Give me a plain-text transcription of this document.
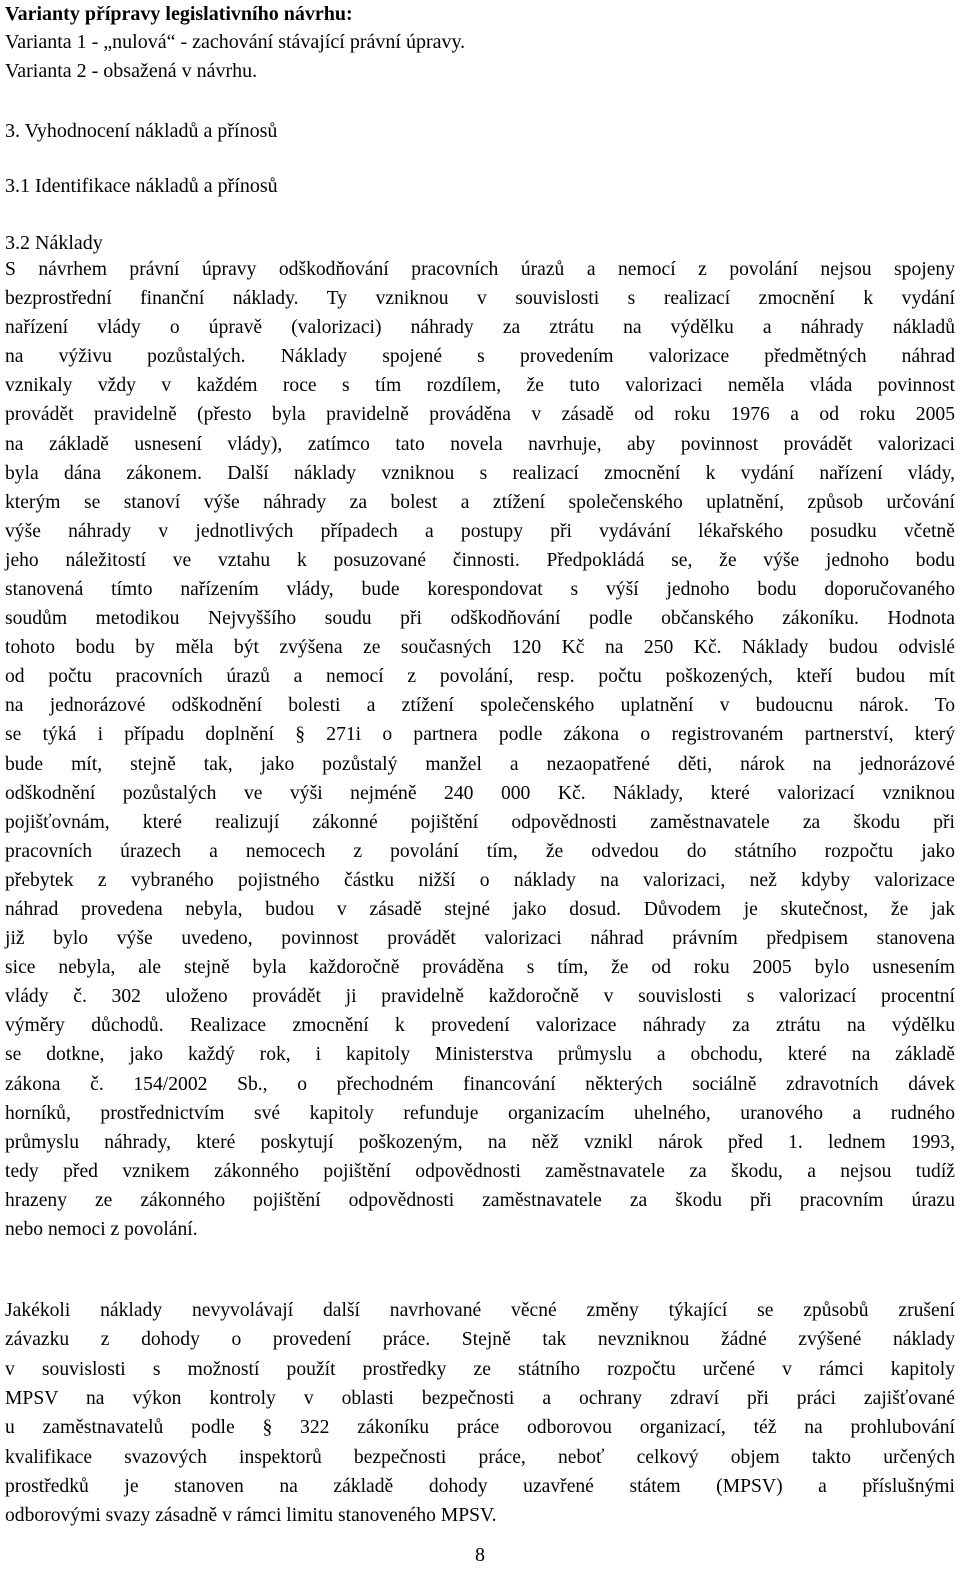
Varianty přípravy legislativního návrhu:
Varianta 1 - „nulová“ - zachování stávající právní úpravy.
Varianta 2 - obsažená v návrhu.
3. Vyhodnocení nákladů a přínosů
3.1 Identifikace nákladů a přínosů
3.2 Náklady
S návrhem právní úpravy odškodňování pracovních úrazů a nemocí z povolání nejsou spojeny
bezprostřední finanční náklady. Ty vzniknou v souvislosti s realizací zmocnění k vydání
nařízení vlády o úpravě (valorizaci) náhrady za ztrátu na výdělku a náhrady nákladů
na výživu pozůstalých. Náklady spojené s provedením valorizace předmětných náhrad
vznikaly vždy v každém roce s tím rozdílem, že tuto valorizaci neměla vláda povinnost
provádět pravidelně (přesto byla pravidelně prováděna v zásadě od roku 1976 a od roku 2005
na základě usnesení vlády), zatímco tato novela navrhuje, aby povinnost provádět valorizaci
byla dána zákonem. Další náklady vzniknou s realizací zmocnění k vydání nařízení vlády,
kterým se stanoví výše náhrady za bolest a ztížení společenského uplatnění, způsob určování
výše náhrady v jednotlivých případech a postupy při vydávání lékařského posudku včetně
jeho náležitostí ve vztahu k posuzované činnosti. Předpokládá se, že výše jednoho bodu
stanovená tímto nařízením vlády, bude korespondovat s výší jednoho bodu doporučovaného
soudům metodikou Nejvyššího soudu při odškodňování podle občanského zákoníku. Hodnota
tohoto bodu by měla být zvýšena ze současných 120 Kč na 250 Kč. Náklady budou odvislé
od počtu pracovních úrazů a nemocí z povolání, resp. počtu poškozených, kteří budou mít
na jednorázové odškodnění bolesti a ztížení společenského uplatnění v budoucnu nárok. To
se týká i případu doplnění § 271i o partnera podle zákona o registrovaném partnerství, který
bude mít, stejně tak, jako pozůstalý manžel a nezaopatřené děti, nárok na jednorázové
odškodnění pozůstalých ve výši nejméně 240 000 Kč. Náklady, které valorizací vzniknou
pojišťovnám, které realizují zákonné pojištění odpovědnosti zaměstnavatele za škodu při
pracovních úrazech a nemocech z povolání tím, že odvedou do státního rozpočtu jako
přebytek z vybraného pojistného částku nižší o náklady na valorizaci, než kdyby valorizace
náhrad provedena nebyla, budou v zásadě stejné jako dosud. Důvodem je skutečnost, že jak
již bylo výše uvedeno, povinnost provádět valorizaci náhrad právním předpisem stanovena
sice nebyla, ale stejně byla každoročně prováděna s tím, že od roku 2005 bylo usnesením
vlády č. 302 uloženo provádět ji pravidelně každoročně v souvislosti s valorizací procentní
výměry důchodů. Realizace zmocnění k provedení valorizace náhrady za ztrátu na výdělku
se dotkne, jako každý rok, i kapitoly Ministerstva průmyslu a obchodu, které na základě
zákona č. 154/2002 Sb., o přechodném financování některých sociálně zdravotních dávek
horníků, prostřednictvím své kapitoly refunduje organizacím uhelného, uranového a rudného
průmyslu náhrady, které poskytují poškozeným, na něž vznikl nárok před 1. lednem 1993,
tedy před vznikem zákonného pojištění odpovědnosti zaměstnavatele za škodu, a nejsou tudíž
hrazeny ze zákonného pojištění odpovědnosti zaměstnavatele za škodu při pracovním úrazu
nebo nemoci z povolání.
Jakékoli náklady nevyvolávají další navrhované věcné změny týkající se způsobů zrušení
závazku z dohody o provedení práce. Stejně tak nevzniknou žádné zvýšené náklady
v souvislosti s možností použít prostředky ze státního rozpočtu určené v rámci kapitoly
MPSV na výkon kontroly v oblasti bezpečnosti a ochrany zdraví při práci zajišťované
u zaměstnavatelů podle § 322 zákoníku práce odborovou organizací, též na prohlubování
kvalifikace svazových inspektorů bezpečnosti práce, neboť celkový objem takto určených
prostředků je stanoven na základě dohody uzavřené státem (MPSV) a příslušnými
odborovými svazy zásadně v rámci limitu stanoveného MPSV.
8
